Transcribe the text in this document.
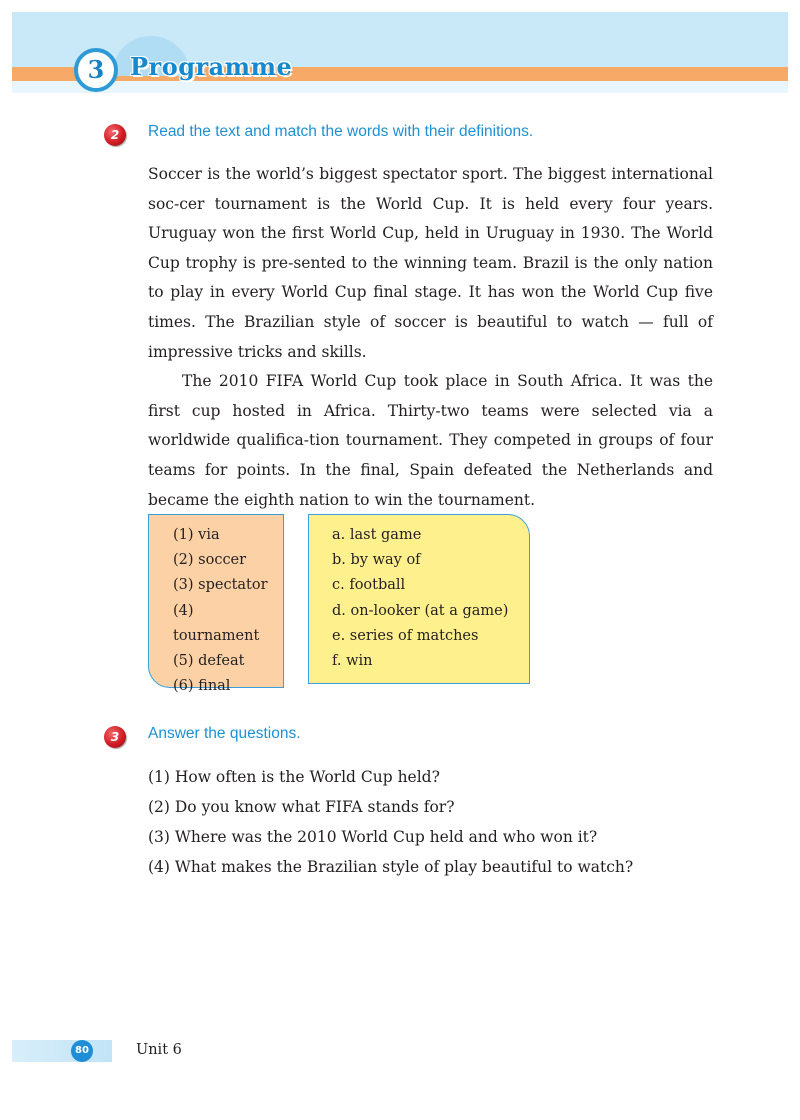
3 Programme
2 Read the text and match the words with their definitions.

Soccer is the world’s biggest spectator sport. The biggest international soc-cer tournament is the World Cup. It is held every four years. Uruguay won the first World Cup, held in Uruguay in 1930. The World Cup trophy is pre-sented to the winning team. Brazil is the only nation to play in every World Cup final stage. It has won the World Cup five times. The Brazilian style of soccer is beautiful to watch — full of impressive tricks and skills.

The 2010 FIFA World Cup took place in South Africa. It was the first cup hosted in Africa. Thirty-two teams were selected via a worldwide qualifica-tion tournament. They competed in groups of four teams for points. In the final, Spain defeated the Netherlands and became the eighth nation to win the tournament.

(1) via
(2) soccer
(3) spectator
(4) tournament
(5) defeat
(6) final
a. last game
b. by way of
c. football
d. on-looker (at a game)
e. series of matches
f. win
3 Answer the questions.
(1) How often is the World Cup held?
(2) Do you know what FIFA stands for?
(3) Where was the 2010 World Cup held and who won it?
(4) What makes the Brazilian style of play beautiful to watch?
80	Unit 6
